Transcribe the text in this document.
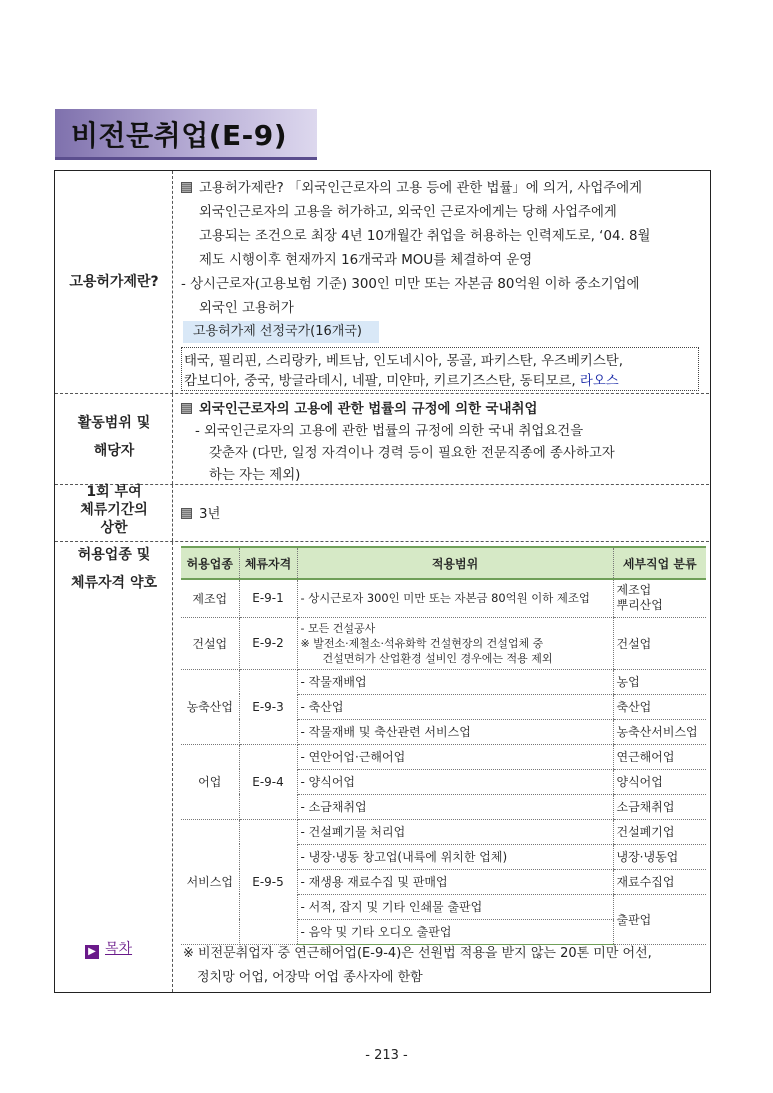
비전문취업(E-9)
고용허가제란?
고용허가제란? 「외국인근로자의 고용 등에 관한 법률」에 의거, 사업주에게
외국인근로자의 고용을 허가하고, 외국인 근로자에게는 당해 사업주에게
고용되는 조건으로 최장 4년 10개월간 취업을 허용하는 인력제도로, ‘04. 8월
제도 시행이후 현재까지 16개국과 MOU를 체결하여 운영
- 상시근로자(고용보험 기준) 300인 미만 또는 자본금 80억원 이하 중소기업에
외국인 고용허가
고용허가제 선정국가(16개국)
태국, 필리핀, 스리랑카, 베트남, 인도네시아, 몽골, 파키스탄, 우즈베키스탄,
캄보디아, 중국, 방글라데시, 네팔, 미얀마, 키르기즈스탄, 동티모르, 라오스
활동범위 및
해당자
외국인근로자의 고용에 관한 법률의 규정에 의한 국내취업
- 외국인근로자의 고용에 관한 법률의 규정에 의한 국내 취업요건을
갖춘자 (다만, 일정 자격이나 경력 등이 필요한 전문직종에 종사하고자
하는 자는 제외)
1회 부여
체류기간의
상한
3년
허용업종 및
체류자격 약호
▶ 목차
허용업종	체류자격	적용범위	세부직업 분류
제조업	E-9-1	- 상시근로자 300인 미만 또는 자본금 80억원 이하 제조업	제조업
뿌리산업

건설업	E-9-2	- 모든 건설공사
※ 발전소·제철소·석유화학 건설현장의 건설업체 중
건설면허가 산업환경 설비인 경우에는 적용 제외	건설업
농축산업	E-9-3	- 작물재배업	농업
		- 축산업	축산업
		- 작물재배 및 축산관련 서비스업	농축산서비스업
어업	E-9-4	- 연안어업·근해어업	연근해어업
		- 양식어업	양식어업
		- 소금채취업	소금채취업
서비스업	E-9-5	- 건설폐기물 처리업	건설폐기업
		- 냉장·냉동 창고업(내륙에 위치한 업체)	냉장·냉동업
		- 재생용 재료수집 및 판매업	재료수집업
		- 서적, 잡지 및 기타 인쇄물 출판업	출판업
		- 음악 및 기타 오디오 출판업	
※ 비전문취업자 중 연근해어업(E-9-4)은 선원법 적용을 받지 않는 20톤 미만 어선,
정치망 어업, 어장막 어업 종사자에 한함
- 213 -
